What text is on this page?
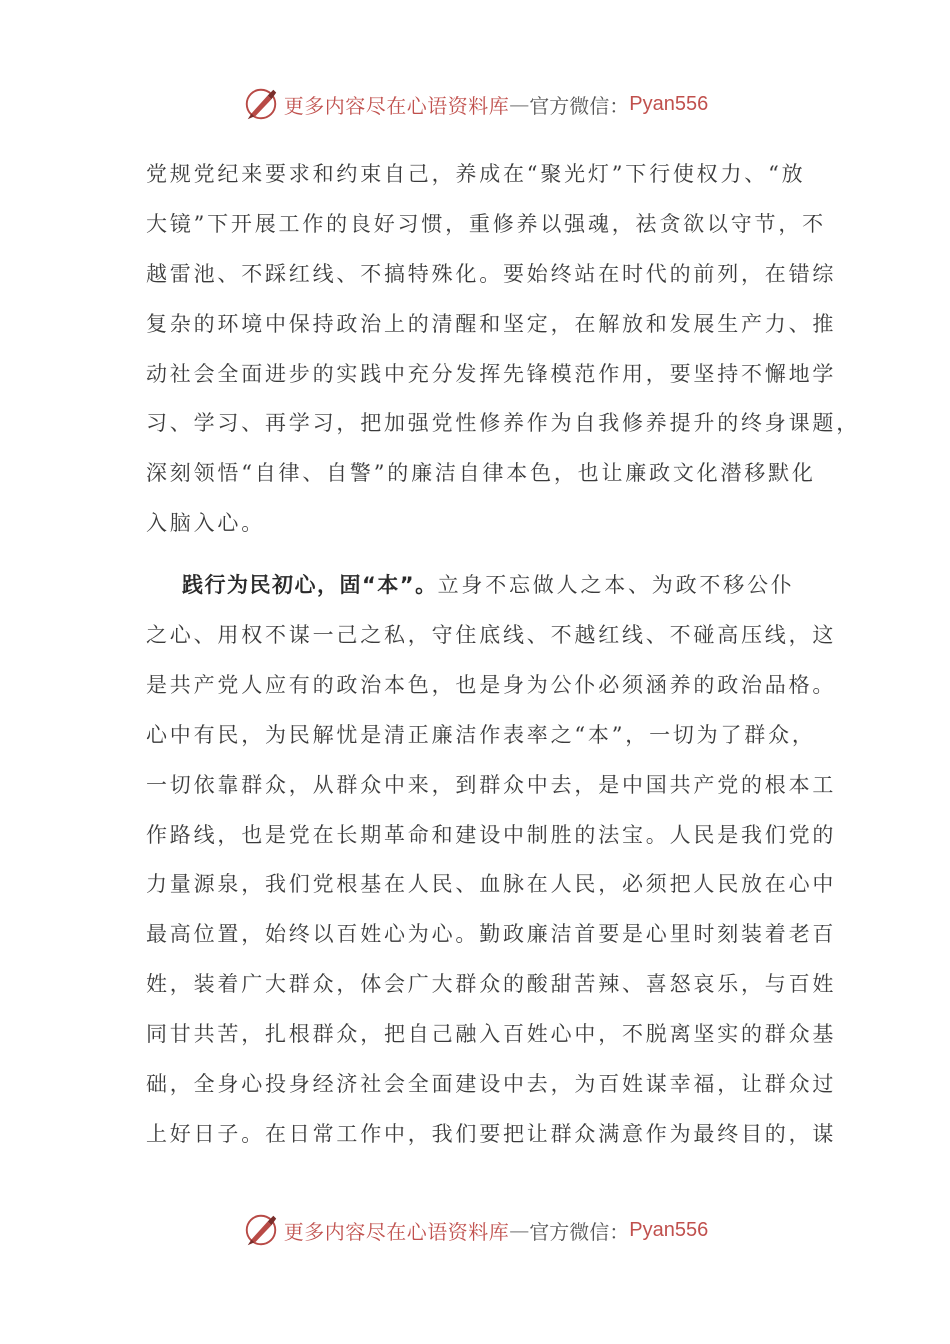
更多内容尽在心语资料库 — 官方微信： Pyan556
党规党纪来要求和约束自己，养成在“聚光灯”下行使权力、“放
大镜”下开展工作的良好习惯，重修养以强魂，祛贪欲以守节，不
越雷池、不踩红线、不搞特殊化。要始终站在时代的前列，在错综
复杂的环境中保持政治上的清醒和坚定，在解放和发展生产力、推
动社会全面进步的实践中充分发挥先锋模范作用，要坚持不懈地学
习、学习、再学习，把加强党性修养作为自我修养提升的终身课题，
深刻领悟“自律、自警”的廉洁自律本色，也让廉政文化潜移默化
入脑入心。
践行为民初心，固“本”。立身不忘做人之本、为政不移公仆
之心、用权不谋一己之私，守住底线、不越红线、不碰高压线，这
是共产党人应有的政治本色，也是身为公仆必须涵养的政治品格。
心中有民，为民解忧是清正廉洁作表率之“本”，一切为了群众，
一切依靠群众，从群众中来，到群众中去，是中国共产党的根本工
作路线，也是党在长期革命和建设中制胜的法宝。人民是我们党的
力量源泉，我们党根基在人民、血脉在人民，必须把人民放在心中
最高位置，始终以百姓心为心。勤政廉洁首要是心里时刻装着老百
姓，装着广大群众，体会广大群众的酸甜苦辣、喜怒哀乐，与百姓
同甘共苦，扎根群众，把自己融入百姓心中，不脱离坚实的群众基
础，全身心投身经济社会全面建设中去，为百姓谋幸福，让群众过
上好日子。在日常工作中，我们要把让群众满意作为最终目的，谋
更多内容尽在心语资料库 — 官方微信： Pyan556
